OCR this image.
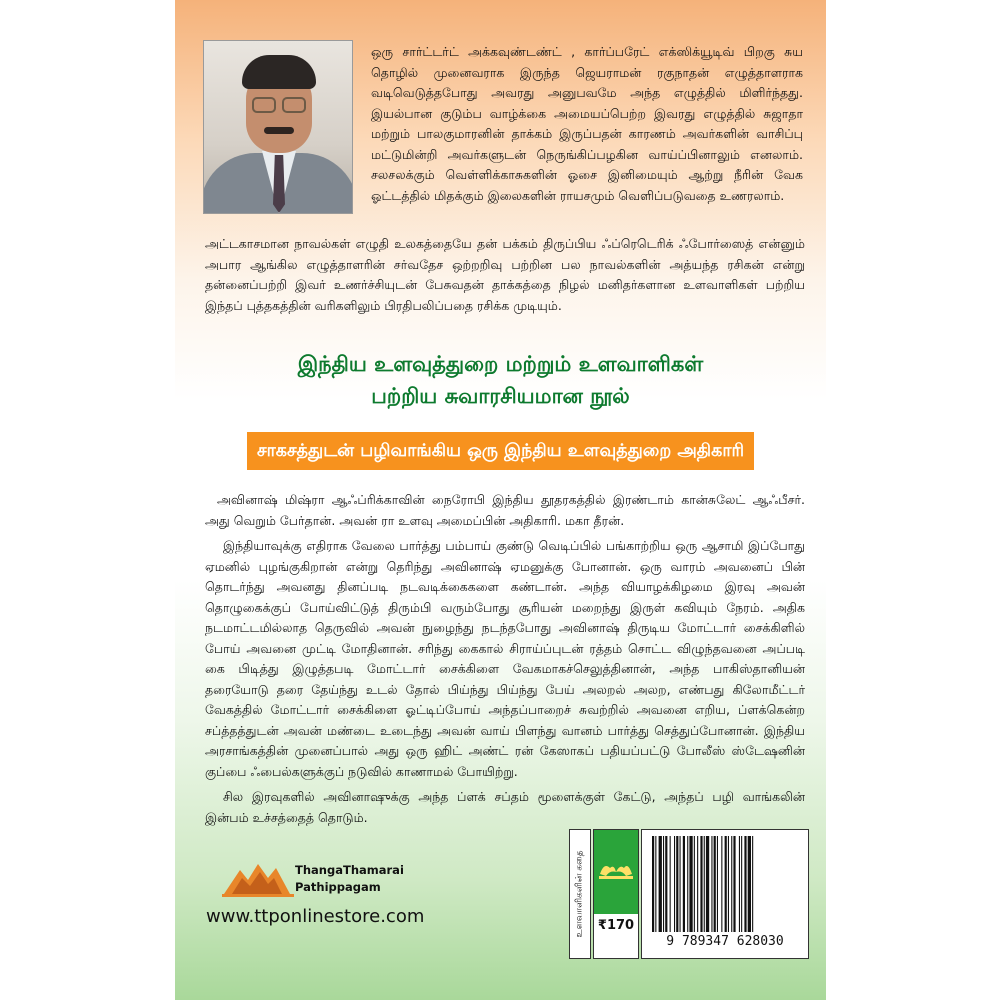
ஒரு சார்ட்டர்ட் அக்கவுண்டண்ட் , கார்ப்பரேட் எக்ஸிக்யூடிவ் பிறகு சுய தொழில் முனைவராக இருந்த ஜெயராமன் ரகுநாதன் எழுத்தாளராக வடிவெடுத்தபோது அவரது அனுபவமே அந்த எழுத்தில் மிளிர்ந்தது. இயல்பான குடும்ப வாழ்க்கை அமையப்பெற்ற இவரது எழுத்தில் சுஜாதா மற்றும் பாலகுமாரனின் தாக்கம் இருப்பதன் காரணம் அவர்களின் வாசிப்பு மட்டுமின்றி அவர்களுடன் நெருங்கிப்பழகின வாய்ப்பினாலும் எனலாம். சலசலக்கும் வெள்ளிக்காசுகளின் ஓசை இனிமையும் ஆற்று நீரின் வேக ஓட்டத்தில் மிதக்கும் இலைகளின் ராயசமும் வெளிப்படுவதை உணரலாம்.
அட்டகாசமான நாவல்கள் எழுதி உலகத்தையே தன் பக்கம் திருப்பிய ஃப்ரெடெரிக் ஃபோர்ஸைத் என்னும் அபார ஆங்கில எழுத்தாளரின் சர்வதேச ஒற்றறிவு பற்றின பல நாவல்களின் அத்யந்த ரசிகன் என்று தன்னைப்பற்றி இவர் உணர்ச்சியுடன் பேசுவதன் தாக்கத்தை நிழல் மனிதர்களான உளவாளிகள் பற்றிய இந்தப் புத்தகத்தின் வரிகளிலும் பிரதிபலிப்பதை ரசிக்க முடியும்.
இந்திய உளவுத்துறை மற்றும் உளவாளிகள்
பற்றிய சுவாரசியமான நூல்
சாகசத்துடன் பழிவாங்கிய ஒரு இந்திய உளவுத்துறை அதிகாரி

அவினாஷ் மிஷ்ரா ஆஃப்ரிக்காவின் நைரோபி இந்திய தூதரகத்தில் இரண்டாம் கான்சுலேட் ஆஃபீசர். அது வெறும் பேர்தான். அவன் ரா உளவு அமைப்பின் அதிகாரி. மகா தீரன்.

இந்தியாவுக்கு எதிராக வேலை பார்த்து பம்பாய் குண்டு வெடிப்பில் பங்காற்றிய ஒரு ஆசாமி இப்போது ஏமனில் புழங்குகிறான் என்று தெரிந்து அவினாஷ் ஏமனுக்கு போனான். ஒரு வாரம் அவனைப் பின் தொடர்ந்து அவனது தினப்படி நடவடிக்கைகளை கண்டான். அந்த வியாழக்கிழமை இரவு அவன் தொழுகைக்குப் போய்விட்டுத் திரும்பி வரும்போது சூரியன் மறைந்து இருள் கவியும் நேரம். அதிக நடமாட்டமில்லாத தெருவில் அவன் நுழைந்து நடந்தபோது அவினாஷ் திருடிய மோட்டார் சைக்கிளில் போய் அவனை முட்டி மோதினான். சரிந்து கைகால் சிராய்ப்புடன் ரத்தம் சொட்ட விழுந்தவனை அப்படி கை பிடித்து இழுத்தபடி மோட்டார் சைக்கிளை வேகமாகச்செலுத்தினான், அந்த பாகிஸ்தானியன் தரையோடு தரை தேய்ந்து உடல் தோல் பிய்ந்து பிய்ந்து பேய் அலறல் அலற, எண்பது கிலோமீட்டர் வேகத்தில் மோட்டார் சைக்கிளை ஓட்டிப்போய் அந்தப்பாறைச் சுவற்றில் அவனை எறிய, ப்ளக்கென்ற சப்த்தத்துடன் அவன் மண்டை உடைந்து அவன் வாய் பிளந்து வானம் பார்த்து செத்துப்போனான். இந்திய அரசாங்கத்தின் முனைப்பால் அது ஒரு ஹிட் அண்ட் ரன் கேஸாகப் பதியப்பட்டு போலீஸ் ஸ்டேஷனின் குப்பை ஃபைல்களுக்குப் நடுவில் காணாமல் போயிற்று.

சில இரவுகளில் அவினாஷுக்கு அந்த ப்ளக் சப்தம் மூளைக்குள் கேட்டு, அந்தப் பழி வாங்கலின் இன்பம் உச்சத்தைத் தொடும்.

ThangaThamarai
Pathippagam
www.ttponlinestore.com	உளவாளிகளின் கதை	₹170
9 789347 628030
